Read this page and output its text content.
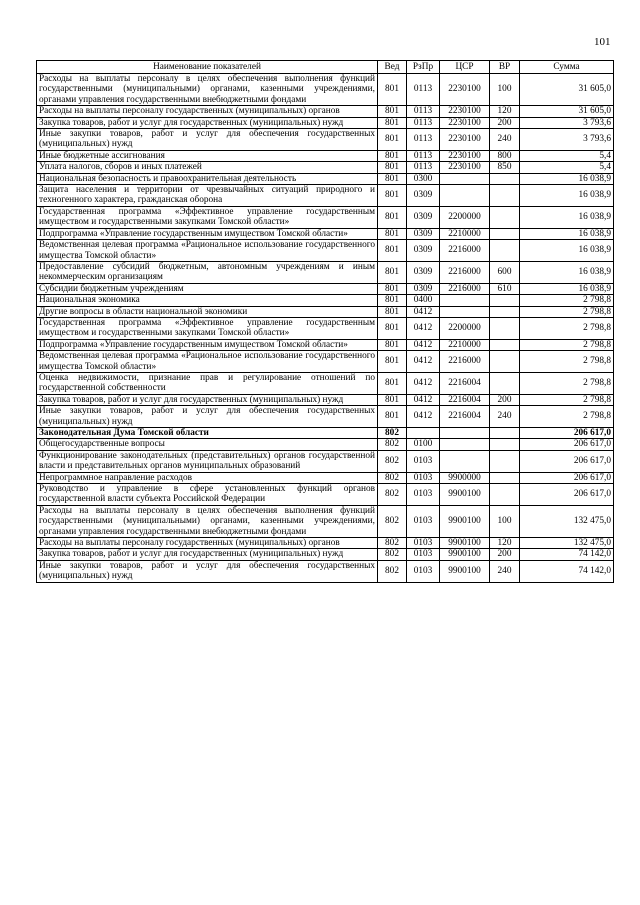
101
Наименование показателей	Вед	РзПр	ЦСР	ВР	Сумма
Расходы на выплаты персоналу в целях обеспечения выполнения функций государственными (муниципальными) органами, казенными учреждениями, органами управления государственными внебюджетными фондами	801	0113	2230100	100	31 605,0
Расходы на выплаты персоналу государственных (муниципальных) органов	801	0113	2230100	120	31 605,0
Закупка товаров, работ и услуг для государственных (муниципальных) нужд	801	0113	2230100	200	3 793,6
Иные закупки товаров, работ и услуг для обеспечения государственных (муниципальных) нужд	801	0113	2230100	240	3 793,6
Иные бюджетные ассигнования	801	0113	2230100	800	5,4
Уплата налогов, сборов и иных платежей	801	0113	2230100	850	5,4
Национальная безопасность и правоохранительная деятельность	801	0300			16 038,9
Защита населения и территории от чрезвычайных ситуаций природного и техногенного характера, гражданская оборона	801	0309			16 038,9
Государственная программа «Эффективное управление государственным имуществом и государственными закупками Томской области»	801	0309	2200000		16 038,9
Подпрограмма «Управление государственным имуществом Томской области»	801	0309	2210000		16 038,9
Ведомственная целевая программа «Рациональное использование государственного имущества Томской области»	801	0309	2216000		16 038,9
Предоставление субсидий бюджетным, автономным учреждениям и иным некоммерческим организациям	801	0309	2216000	600	16 038,9
Субсидии бюджетным учреждениям	801	0309	2216000	610	16 038,9
Национальная экономика	801	0400			2 798,8
Другие вопросы в области национальной экономики	801	0412			2 798,8
Государственная программа «Эффективное управление государственным имуществом и государственными закупками Томской области»	801	0412	2200000		2 798,8
Подпрограмма «Управление государственным имуществом Томской области»	801	0412	2210000		2 798,8
Ведомственная целевая программа «Рациональное использование государственного имущества Томской области»	801	0412	2216000		2 798,8
Оценка недвижимости, признание прав и регулирование отношений по государственной собственности	801	0412	2216004		2 798,8
Закупка товаров, работ и услуг для государственных (муниципальных) нужд	801	0412	2216004	200	2 798,8
Иные закупки товаров, работ и услуг для обеспечения государственных (муниципальных) нужд	801	0412	2216004	240	2 798,8
Законодательная Дума Томской области	802				206 617,0
Общегосударственные вопросы	802	0100			206 617,0
Функционирование законодательных (представительных) органов государственной власти и представительных органов муниципальных образований	802	0103			206 617,0
Непрограммное направление расходов	802	0103	9900000		206 617,0
Руководство и управление в сфере установленных функций органов государственной власти субъекта Российской Федерации	802	0103	9900100		206 617,0
Расходы на выплаты персоналу в целях обеспечения выполнения функций государственными (муниципальными) органами, казенными учреждениями, органами управления государственными внебюджетными фондами	802	0103	9900100	100	132 475,0
Расходы на выплаты персоналу государственных (муниципальных) органов	802	0103	9900100	120	132 475,0
Закупка товаров, работ и услуг для государственных (муниципальных) нужд	802	0103	9900100	200	74 142,0
Иные закупки товаров, работ и услуг для обеспечения государственных (муниципальных) нужд	802	0103	9900100	240	74 142,0
